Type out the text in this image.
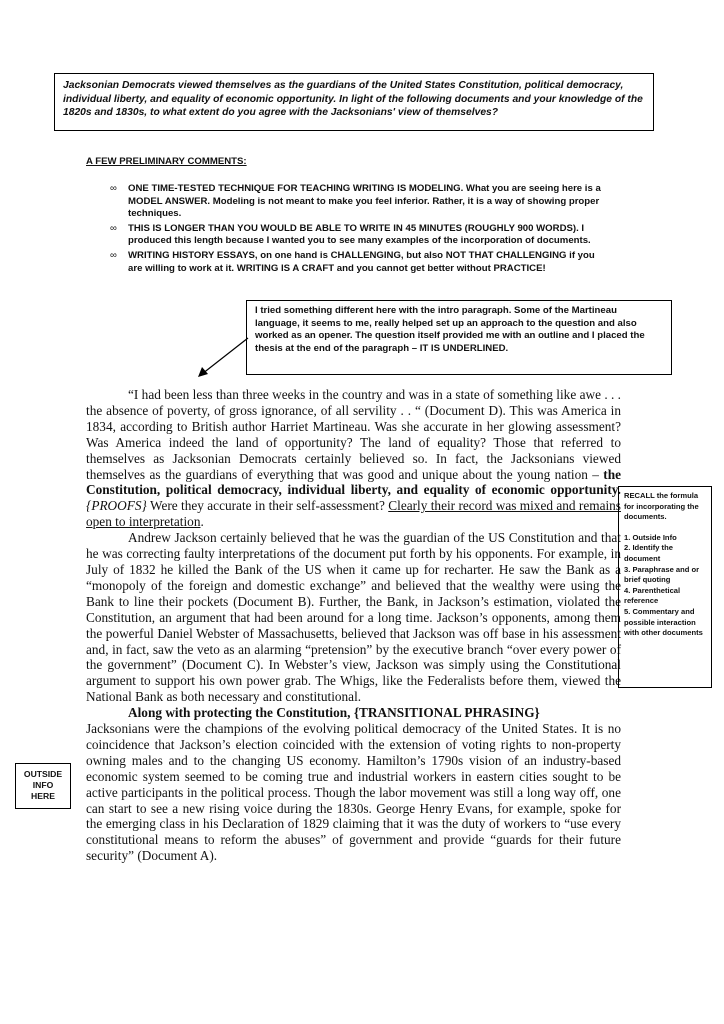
Jacksonian Democrats viewed themselves as the guardians of the United States Constitution, political democracy, individual liberty, and equality of economic opportunity. In light of the following documents and your knowledge of the 1820s and 1830s, to what extent do you agree with the Jacksonians' view of themselves?
A FEW PRELIMINARY COMMENTS:
∞ ONE TIME-TESTED TECHNIQUE FOR TEACHING WRITING IS MODELING. What you are seeing here is a MODEL ANSWER. Modeling is not meant to make you feel inferior. Rather, it is a way of showing proper techniques.
∞ THIS IS LONGER THAN YOU WOULD BE ABLE TO WRITE IN 45 MINUTES (ROUGHLY 900 WORDS). I produced this length because I wanted you to see many examples of the incorporation of documents.
∞ WRITING HISTORY ESSAYS, on one hand is CHALLENGING, but also NOT THAT CHALLENGING if you are willing to work at it. WRITING IS A CRAFT and you cannot get better without PRACTICE!
I tried something different here with the intro paragraph. Some of the Martineau language, it seems to me, really helped set up an approach to the question and also worked as an opener. The question itself provided me with an outline and I placed the thesis at the end of the paragraph – IT IS UNDERLINED.

“I had been less than three weeks in the country and was in a state of something like awe . . . the absence of poverty, of gross ignorance, of all servility . . “ (Document D). This was America in 1834, according to British author Harriet Martineau. Was she accurate in her glowing assessment? Was America indeed the land of opportunity? The land of equality? Those that referred to themselves as Jacksonian Democrats certainly believed so. In fact, the Jacksonians viewed themselves as the guardians of everything that was good and unique about the young nation – the Constitution, political democracy, individual liberty, and equality of economic opportunity. {PROOFS} Were they accurate in their self-assessment? Clearly their record was mixed and remains open to interpretation.

Andrew Jackson certainly believed that he was the guardian of the US Constitution and that he was correcting faulty interpretations of the document put forth by his opponents. For example, in July of 1832 he killed the Bank of the US when it came up for recharter. He saw the Bank as a “monopoly of the foreign and domestic exchange” and believed that the wealthy were using the Bank to line their pockets (Document B). Further, the Bank, in Jackson’s estimation, violated the Constitution, an argument that had been around for a long time. Jackson’s opponents, among them the powerful Daniel Webster of Massachusetts, believed that Jackson was off base in his assessment and, in fact, saw the veto as an alarming “pretension” by the executive branch “over every power of the government” (Document C). In Webster’s view, Jackson was simply using the Constitutional argument to support his own power grab. The Whigs, like the Federalists before them, viewed the National Bank as both necessary and constitutional.

Along with protecting the Constitution, {TRANSITIONAL PHRASING}

Jacksonians were the champions of the evolving political democracy of the United States. It is no coincidence that Jackson’s election coincided with the extension of voting rights to non-property owning males and to the changing US economy. Hamilton’s 1790s vision of an industry-based economic system seemed to be coming true and industrial workers in eastern cities sought to be active participants in the political process. Though the labor movement was still a long way off, one can start to see a new rising voice during the 1830s. George Henry Evans, for example, spoke for the emerging class in his Declaration of 1829 claiming that it was the duty of workers to “use every constitutional means to reform the abuses” of government and provide “guards for their future security” (Document A).

RECALL the formula for incorporating the documents.
1. Outside Info
2. Identify the document
3. Paraphrase and or brief quoting
4. Parenthetical reference
5. Commentary and possible interaction with other documents
OUTSIDE
INFO
HERE
